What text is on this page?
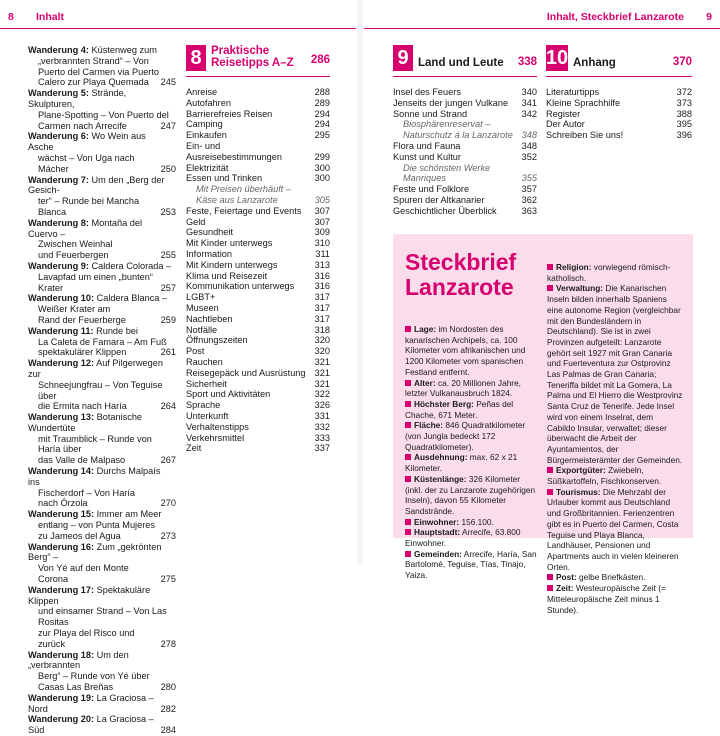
8 Inhalt	Inhalt, Steckbrief Lanzarote 9
Wanderung 4: Küstenweg zum
„verbrannten Strand“ – Von
Puerto del Carmen via Puerto
Calero zur Playa Quemada	245
Wanderung 5: Strände, Skulpturen,
Plane-Spotting – Von Puerto del
Carmen nach Arrecife	247
Wanderung 6: Wo Wein aus Asche
wächst – Von Uga nach Mácher	250
Wanderung 7: Um den „Berg der Gesich-
ter“ – Runde bei Mancha Blanca	253
Wanderung 8: Montaña del Cuervo –
Zwischen Weinhal
und Feuerbergen	255
Wanderung 9: Caldera Colorada –
Lavapfad um einen „bunten“ Krater	257
Wanderung 10: Caldera Blanca –
Weißer Krater am
Rand der Feuerberge	259
Wanderung 11: Runde bei
La Caleta de Famara – Am Fuß
spektakulärer Klippen	261
Wanderung 12: Auf Pilgerwegen zur
Schneejungfrau – Von Teguise über
die Ermita nach Haría	264
Wanderung 13: Botanische Wundertüte
mit Traumblick – Runde von Haría über
das Valle de Malpaso	267
Wanderung 14: Durchs Malpaís ins
Fischerdorf – Von Haría nach Órzola	270
Wanderung 15: Immer am Meer
entlang – von Punta Mujeres
zu Jameos del Agua	273
Wanderung 16: Zum „gekrönten Berg“ –
Von Yé auf den Monte Corona	275
Wanderung 17: Spektakuläre Klippen
und einsamer Strand – Von Las Rositas
zur Playa del Risco und zurück	278
Wanderung 18: Um den „verbrannten
Berg“ – Runde von Yé über
Casas Las Breñas	280
Wanderung 19: La Graciosa – Nord	282
Wanderung 20: La Graciosa – Süd	284
8 Praktische
Reisetipps A–Z	286
Anreise	288
Autofahren	289
Barrierefreies Reisen	294
Camping	294
Einkaufen	295
Ein- und Ausreisebestimmungen	299
Elektrizität	300
Essen und Trinken	300
Mit Preisen überhäuft –
Käse aus Lanzarote	305
Feste, Feiertage und Events	307
Geld	307
Gesundheit	309
Mit Kinder unterwegs	310
Information	311
Mit Kindern unterwegs	313
Klima und Reisezeit	316
Kommunikation unterwegs	316
LGBT+	317
Museen	317
Nachtleben	317
Notfälle	318
Öffnungszeiten	320
Post	320
Rauchen	321
Reisegepäck und Ausrüstung 321
Sicherheit	321
Sport und Aktivitäten	322
Sprache	326
Unterkunft	331
Verhaltenstipps	332
Verkehrsmittel	333
Zeit	337
9 Land und Leute	338
Insel des Feuers	340
Jenseits der jungen Vulkane	341
Sonne und Strand	342
Biosphärenreservat –
Naturschutz á la Lanzarote 348
Flora und Fauna	348
Kunst und Kultur	352
Die schönsten Werke Manriques	355
Feste und Folklore	357
Spuren der Altkanarier	362
Geschichtlicher Überblick	363
10 Anhang	370
Literaturtipps	372
Kleine Sprachhilfe	373
Register	388
Der Autor	395
Schreiben Sie uns!	396
Steckbrief
Lanzarote
Lage: im Nordosten des kanarischen Archipels, ca. 100 Kilometer vom afrikanischen und 1200 Kilometer vom spanischen Festland entfernt.
Alter: ca. 20 Millionen Jahre, letzter Vulkanausbruch 1824.
Höchster Berg: Peñas del Chache, 671 Meter.
Fläche: 846 Quadratkilometer (von Jungla bedeckt 172 Quadratkilometer).
Ausdehnung: max. 62 x 21 Kilometer.
Küstenlänge: 326 Kilometer (inkl. der zu Lanzarote zugehörigen Inseln), davon 55 Kilometer Sandstrände.
Einwohner: 156.100.
Hauptstadt: Arrecife, 63.800 Einwohner.
Gemeinden: Arrecife, Haría, San Bartolomé, Teguise, Tías, Tinajo, Yaiza.
Religion: vorwiegend römisch-katholisch.
Verwaltung: Die Kanarischen Inseln bilden innerhalb Spaniens eine autonome Region (vergleichbar mit den Bundesländern in Deutschland). Sie ist in zwei Provinzen aufgeteilt: Lanzarote gehört seit 1927 mit Gran Canaria und Fuerteventura zur Ostprovinz Las Palmas de Gran Canaria; Teneriffa bildet mit La Gomera, La Palma und El Hierro die Westprovinz Santa Cruz de Tenerife. Jede Insel wird von einem Inselrat, dem Cabildo Insular, verwaltet; dieser überwacht die Arbeit der Ayuntamientos, der Bürgermeisterämter der Gemeinden.
Exportgüter: Zwiebeln, Süßkartoffeln, Fischkonserven.
Tourismus: Die Mehrzahl der Urlauber kommt aus Deutschland und Großbritannien. Ferienzentren gibt es in Puerto del Carmen, Costa Teguise und Playa Blanca, Landhäuser, Pensionen und Apartments auch in vielen kleineren Orten.
Post: gelbe Briefkästen.
Zeit: Westeuropäische Zeit (= Mitteleuropäische Zeit minus 1 Stunde).
